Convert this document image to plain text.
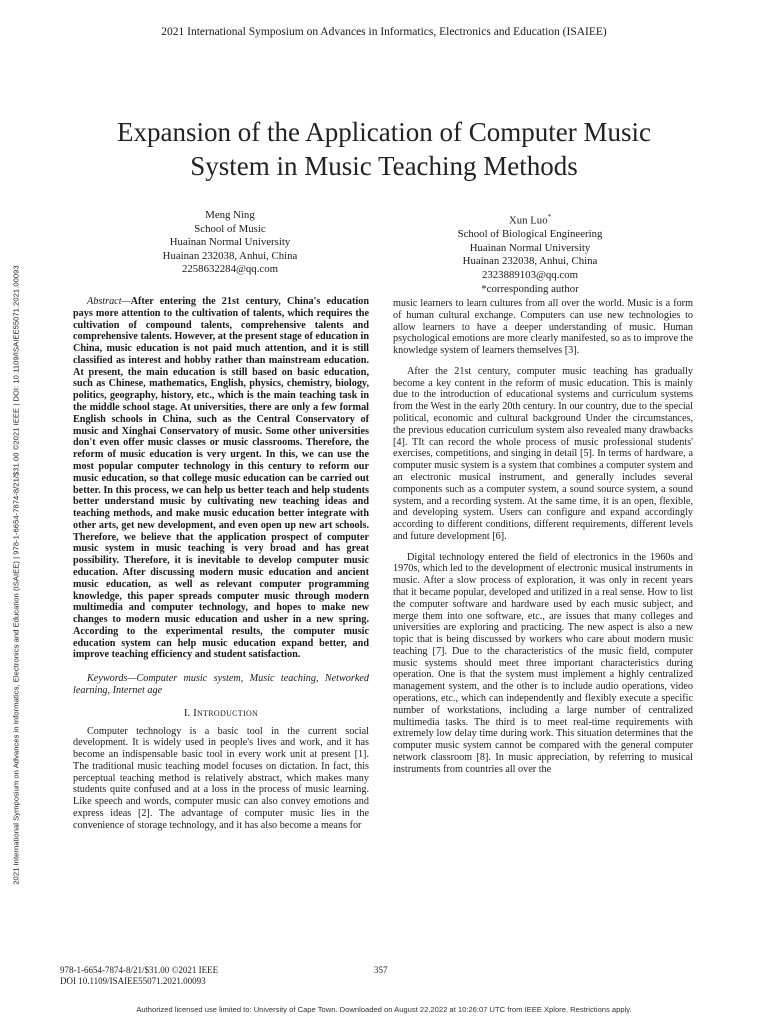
2021 International Symposium on Advances in Informatics, Electronics and Education (ISAIEE)
Expansion of the Application of Computer Music
System in Music Teaching Methods
Meng Ning
School of Music
Huainan Normal University
Huainan 232038, Anhui, China
2258632284@qq.com
Xun Luo*
School of Biological Engineering
Huainan Normal University
Huainan 232038, Anhui, China
2323889103@qq.com
*corresponding author
2021 International Symposium on Advances in Informatics, Electronics and Education (ISAIEE) | 978-1-6654-7874-8/21/$31.00 ©2021 IEEE | DOI: 10.1109/ISAIEE55071.2021.00093	Abstract—After entering the 21st century, China's education pays more attention to the cultivation of talents, which requires the cultivation of compound talents, comprehensive talents and comprehensive talents. However, at the present stage of education in China, music education is not paid much attention, and it is still classified as interest and hobby rather than mainstream education. At present, the main education is still based on basic education, such as Chinese, mathematics, English, physics, chemistry, biology, politics, geography, history, etc., which is the main teaching task in the middle school stage. At universities, there are only a few formal English schools in China, such as the Central Conservatory of music and Xinghai Conservatory of music. Some other universities don't even offer music classes or music classrooms. Therefore, the reform of music education is very urgent. In this, we can use the most popular computer technology in this century to reform our music education, so that college music education can be carried out better. In this process, we can help us better teach and help students better understand music by cultivating new teaching ideas and teaching methods, and make music education better integrate with other arts, get new development, and even open up new art schools. Therefore, we believe that the application prospect of computer music system in music teaching is very broad and has great possibility. Therefore, it is inevitable to develop computer music education. After discussing modern music education and ancient music education, as well as relevant computer programming knowledge, this paper spreads computer music through modern multimedia and computer technology, and hopes to make new changes to modern music education and usher in a new spring. According to the experimental results, the computer music education system can help music education expand better, and improve teaching efficiency and student satisfaction.

Keywords—Computer music system, Music teaching, Networked learning, Internet age

I. Introduction

Computer technology is a basic tool in the current social development. It is widely used in people's lives and work, and it has become an indispensable basic tool in every work unit at present [1]. The traditional music teaching model focuses on dictation. In fact, this perceptual teaching method is relatively abstract, which makes many students quite confused and at a loss in the process of music learning. Like speech and words, computer music can also convey emotions and express ideas [2]. The advantage of computer music lies in the convenience of storage technology, and it has also become a means for

music learners to learn cultures from all over the world. Music is a form of human cultural exchange. Computers can use new technologies to allow learners to have a deeper understanding of music. Human psychological emotions are more clearly manifested, so as to improve the knowledge system of learners themselves [3].

After the 21st century, computer music teaching has gradually become a key content in the reform of music education. This is mainly due to the introduction of educational systems and curriculum systems from the West in the early 20th century. In our country, due to the special political, economic and cultural background Under the circumstances, the previous education curriculum system also revealed many drawbacks [4]. TIt can record the whole process of music professional students' exercises, competitions, and singing in detail [5]. In terms of hardware, a computer music system is a system that combines a computer system and an electronic musical instrument, and generally includes several components such as a computer system, a sound source system, a sound system, and a recording system. At the same time, it is an open, flexible, and developing system. Users can configure and expand accordingly according to different conditions, different requirements, different levels and future development [6].

Digital technology entered the field of electronics in the 1960s and 1970s, which led to the development of electronic musical instruments in music. After a slow process of exploration, it was only in recent years that it became popular, developed and utilized in a real sense. How to list the computer software and hardware used by each music subject, and merge them into one software, etc., are issues that many colleges and universities are exploring and practicing. The new aspect is also a new topic that is being discussed by workers who care about modern music teaching [7]. Due to the characteristics of the music field, computer music systems should meet three important characteristics during operation. One is that the system must implement a highly centralized management system, and the other is to include audio operations, video operations, etc., which can independently and flexibly execute a specific number of workstations, including a large number of centralized multimedia tasks. The third is to meet real-time requirements with extremely low delay time during work. This situation determines that the computer music system cannot be compared with the general computer network classroom [8]. In music appreciation, by referring to musical instruments from countries all over the

978-1-6654-7874-8/21/$31.00 ©2021 IEEE
DOI 10.1109/ISAIEE55071.2021.00093
357
Authorized licensed use limited to: University of Cape Town. Downloaded on August 22,2022 at 10:26:07 UTC from IEEE Xplore. Restrictions apply.
